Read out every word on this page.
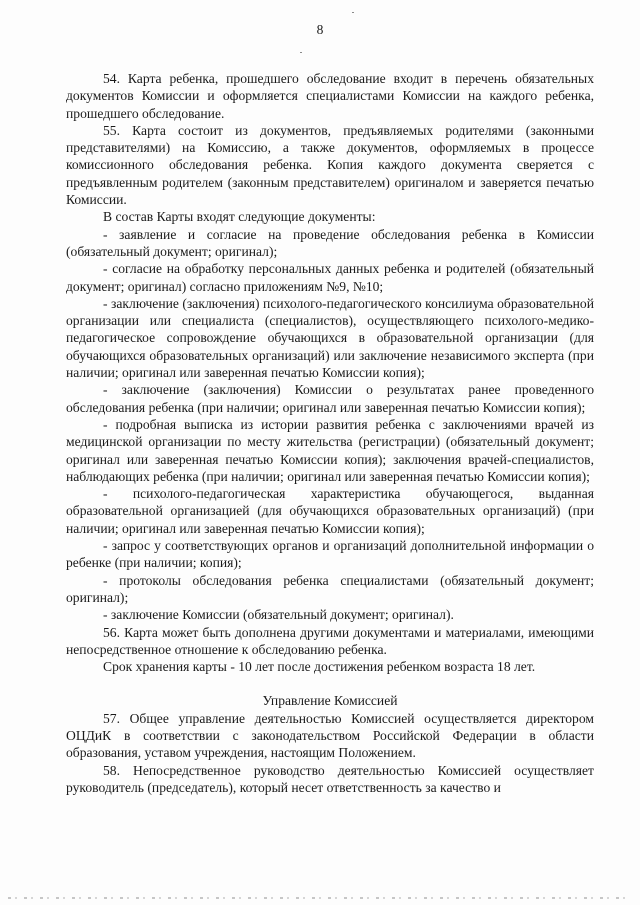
8

54. Карта ребенка, прошедшего обследование входит в перечень обязательных документов Комиссии и оформляется специалистами Комиссии на каждого ребенка, прошедшего обследование.

55. Карта состоит из документов, предъявляемых родителями (законными представителями) на Комиссию, а также документов, оформляемых в процессе комиссионного обследования ребенка. Копия каждого документа сверяется с предъявленным родителем (законным представителем) оригиналом и заверяется печатью Комиссии.

В состав Карты входят следующие документы:

- заявление и согласие на проведение обследования ребенка в Комиссии (обязательный документ; оригинал);

- согласие на обработку персональных данных ребенка и родителей (обязательный документ; оригинал) согласно приложениям №9, №10;

- заключение (заключения) психолого-педагогического консилиума образовательной организации или специалиста (специалистов), осуществляющего психолого-медико-педагогическое сопровождение обучающихся в образовательной организации (для обучающихся образовательных организаций) или заключение независимого эксперта (при наличии; оригинал или заверенная печатью Комиссии копия);

- заключение (заключения) Комиссии о результатах ранее проведенного обследования ребенка (при наличии; оригинал или заверенная печатью Комиссии копия);

- подробная выписка из истории развития ребенка с заключениями врачей из медицинской организации по месту жительства (регистрации) (обязательный документ; оригинал или заверенная печатью Комиссии копия); заключения врачей-специалистов, наблюдающих ребенка (при наличии; оригинал или заверенная печатью Комиссии копия);

- психолого-педагогическая характеристика обучающегося, выданная образовательной организацией (для обучающихся образовательных организаций) (при наличии; оригинал или заверенная печатью Комиссии копия);

- запрос у соответствующих органов и организаций дополнительной информации о ребенке (при наличии; копия);

- протоколы обследования ребенка специалистами (обязательный документ; оригинал);

- заключение Комиссии (обязательный документ; оригинал).

56. Карта может быть дополнена другими документами и материалами, имеющими непосредственное отношение к обследованию ребенка.

Срок хранения карты - 10 лет после достижения ребенком возраста 18 лет.

Управление Комиссией

57. Общее управление деятельностью Комиссией осуществляется директором ОЦДиК в соответствии с законодательством Российской Федерации в области образования, уставом учреждения, настоящим Положением.

58. Непосредственное руководство деятельностью Комиссией осуществляет руководитель (председатель), который несет ответственность за качество и
